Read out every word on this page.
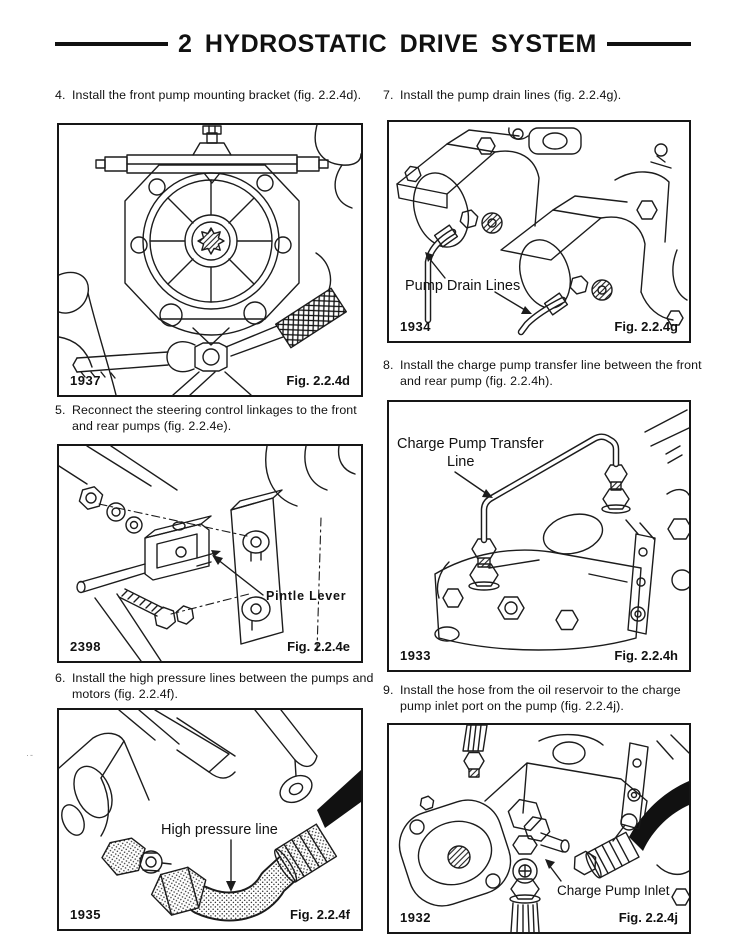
2 HYDROSTATIC DRIVE SYSTEM
·-

4. Install the front pump mounting bracket (fig. 2.2.4d). 7. Install the pump drain lines (fig. 2.2.4g).

5. Reconnect the steering control linkages to the front and rear pumps (fig. 2.2.4e).

8. Install the charge pump transfer line between the front and rear pump (fig. 2.2.4h).

6. Install the high pressure lines between the pumps and motors (fig. 2.2.4f).	9. Install the hose from the oil reservoir to the charge pump inlet port on the pump (fig. 2.2.4j).

1937	Fig. 2.2.4d
Pintle Lever
2398	Fig. 2.2.4e
High pressure line
1935	Fig. 2.2.4f
Pump Drain Lines
1934	Fig. 2.2.4g
Charge Pump Transfer
Line
1933	Fig. 2.2.4h
Charge Pump Inlet
1932	Fig. 2.2.4j
